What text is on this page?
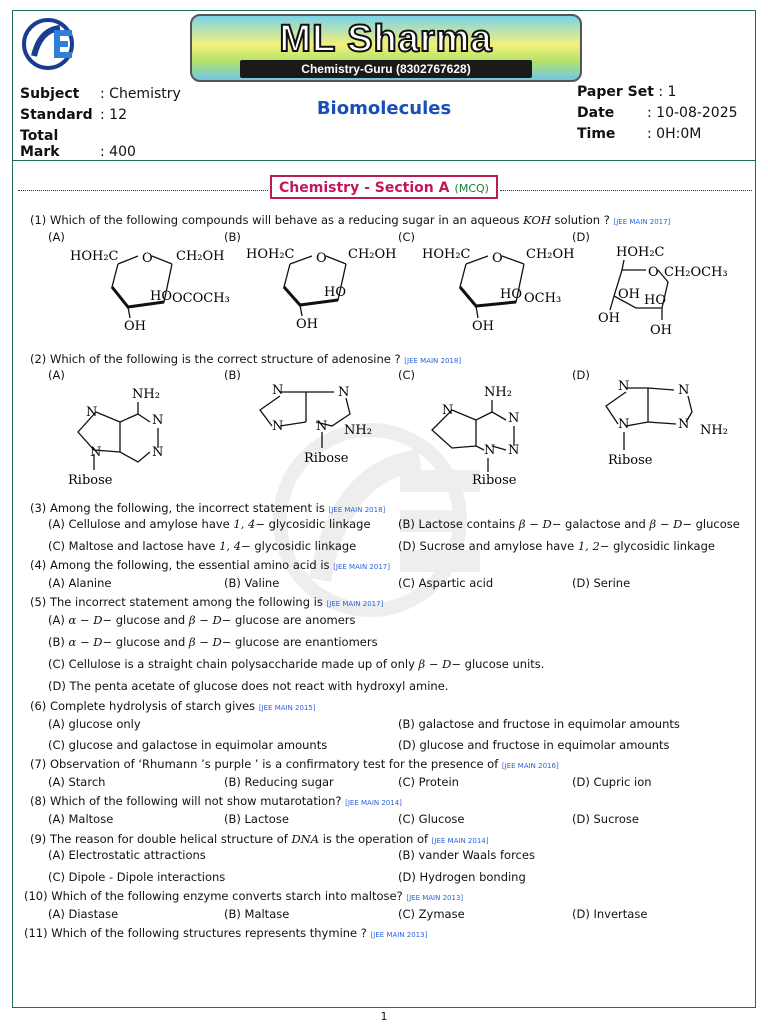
ML Sharma
Chemistry-Guru (8302767628)
Subject : Chemistry
Standard : 12
Total Mark	: 400
Biomolecules
Paper Set : 1
Date : 10-08-2025
Time : 0H:0M
Chemistry - Section A (MCQ)
(1) Which of the following compounds will behave as a reducing sugar in an aqueous KOH solution ? [JEE MAIN 2017]
(A)	(B)	(C)	(D)
HOH₂C O CH₂OH
HO OCOCH₃
OH
HOH₂C O CH₂OH
HO
OH
HOH₂C O CH₂OH
HO OCH₃
OH
HOH₂C
O CH₂OCH₃
OH HO
OH
OH
(2) Which of the following is the correct structure of adenosine ? [JEE MAIN 2018]
(A)	(B)	(C)	(D)
NH₂
N
N
N
N
Ribose
N	N
N	N NH₂
Ribose
NH₂
N
N
N
N
Ribose
N	N
N
N	NH₂
Ribose
(3) Among the following, the incorrect statement is [JEE MAIN 2018]
(A) Cellulose and amylose have 1, 4− glycosidic linkage (B) Lactose contains β − D− galactose and β − D− glucose
(C) Maltose and lactose have 1, 4− glycosidic linkage	(D) Sucrose and amylose have 1, 2− glycosidic linkage
(4) Among the following, the essential amino acid is [JEE MAIN 2017]
(A) Alanine	(B) Valine	(C) Aspartic acid	(D) Serine
(5) The incorrect statement among the following is [JEE MAIN 2017]
(A) α − D− glucose and β − D− glucose are anomers
(B) α − D− glucose and β − D− glucose are enantiomers
(C) Cellulose is a straight chain polysaccharide made up of only β − D− glucose units.
(D) The penta acetate of glucose does not react with hydroxyl amine.
(6) Complete hydrolysis of starch gives [JEE MAIN 2015]
(A) glucose only	(B) galactose and fructose in equimolar amounts
(C) glucose and galactose in equimolar amounts	(D) glucose and fructose in equimolar amounts
(7) Observation of ‘Rhumann ’s purple ’ is a confirmatory test for the presence of [JEE MAIN 2016]
(A) Starch	(B) Reducing sugar	(C) Protein	(D) Cupric ion
(8) Which of the following will not show mutarotation? [JEE MAIN 2014]
(A) Maltose	(B) Lactose	(C) Glucose	(D) Sucrose
(9) The reason for double helical structure of DNA is the operation of [JEE MAIN 2014]
(A) Electrostatic attractions	(B) vander Waals forces
(C) Dipole - Dipole interactions	(D) Hydrogen bonding
(10) Which of the following enzyme converts starch into maltose? [JEE MAIN 2013]
(A) Diastase	(B) Maltase	(C) Zymase	(D) Invertase
(11) Which of the following structures represents thymine ? [JEE MAIN 2013]
1
